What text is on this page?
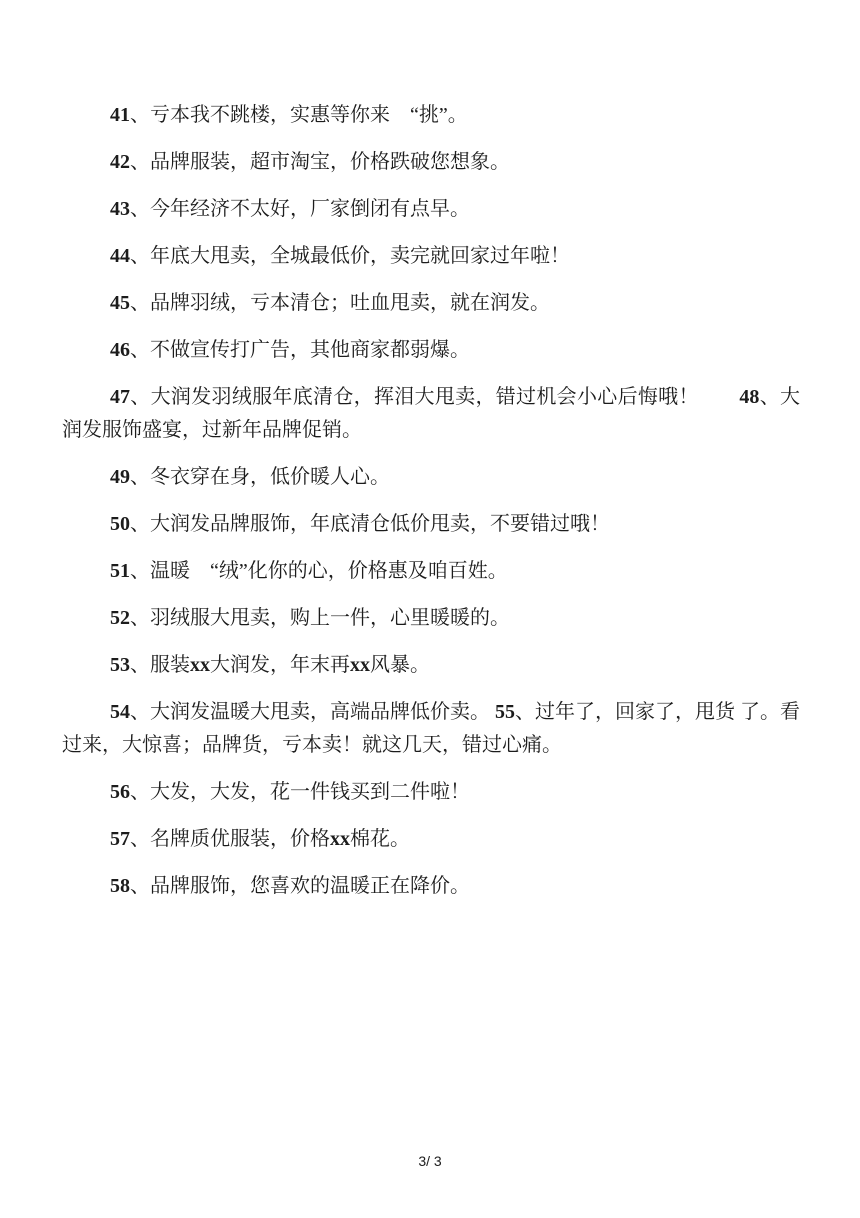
41、亏本我不跳楼，实惠等你来　“挑”。

42、品牌服装，超市淘宝，价格跌破您想象。

43、今年经济不太好，厂家倒闭有点早。

44、年底大甩卖，全城最低价，卖完就回家过年啦！

45、品牌羽绒，亏本清仓；吐血甩卖，就在润发。

46、不做宣传打广告，其他商家都弱爆。

47、大润发羽绒服年底清仓，挥泪大甩卖，错过机会小心后悔哦！　　48、大润发服饰盛宴，过新年品牌促销。

49、冬衣穿在身，低价暖人心。

50、大润发品牌服饰，年底清仓低价甩卖，不要错过哦！

51、温暖　“绒”化你的心，价格惠及咱百姓。

52、羽绒服大甩卖，购上一件，心里暖暖的。

53、服装xx大润发，年末再xx风暴。

54、大润发温暖大甩卖，高端品牌低价卖。 55、过年了，回家了，甩货 了。看过来，大惊喜；品牌货，亏本卖！就这几天，错过心痛。

56、大发，大发，花一件钱买到二件啦！

57、名牌质优服装，价格xx棉花。

58、品牌服饰，您喜欢的温暖正在降价。

3/ 3
